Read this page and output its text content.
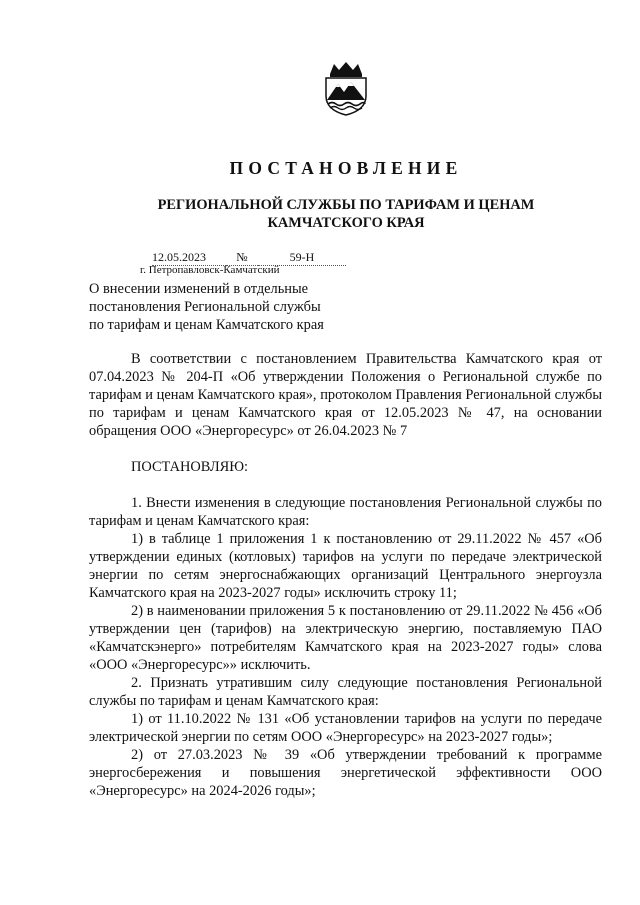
ПОСТАНОВЛЕНИЕ
РЕГИОНАЛЬНОЙ СЛУЖБЫ ПО ТАРИФАМ И ЦЕНАМ
КАМЧАТСКОГО КРАЯ
12.05.2023	№	59-Н
г. Петропавловск-Камчатский

О внесении изменений в отдельные

постановления Региональной службы

по тарифам и ценам Камчатского края

В соответствии с постановлением Правительства Камчатского края от 07.04.2023 № 204-П «Об утверждении Положения о Региональной службе по тарифам и ценам Камчатского края», протоколом Правления Региональной службы по тарифам и ценам Камчатского края от 12.05.2023 № 47, на основании обращения ООО «Энергоресурс» от 26.04.2023 № 7

ПОСТАНОВЛЯЮ:

1. Внести изменения в следующие постановления Региональной службы по тарифам и ценам Камчатского края:

1) в таблице 1 приложения 1 к постановлению от 29.11.2022 № 457 «Об утверждении единых (котловых) тарифов на услуги по передаче электрической энергии по сетям энергоснабжающих организаций Центрального энергоузла Камчатского края на 2023-2027 годы» исключить строку 11;

2) в наименовании приложения 5 к постановлению от 29.11.2022 № 456 «Об утверждении цен (тарифов) на электрическую энергию, поставляемую ПАО «Камчатскэнерго» потребителям Камчатского края на 2023-2027 годы» слова «ООО «Энергоресурс»» исключить.

2. Признать утратившим силу следующие постановления Региональной службы по тарифам и ценам Камчатского края:

1) от 11.10.2022 № 131 «Об установлении тарифов на услуги по передаче электрической энергии по сетям ООО «Энергоресурс» на 2023-2027 годы»;

2) от 27.03.2023 № 39 «Об утверждении требований к программе энергосбережения и повышения энергетической эффективности ООО «Энергоресурс» на 2024-2026 годы»;
